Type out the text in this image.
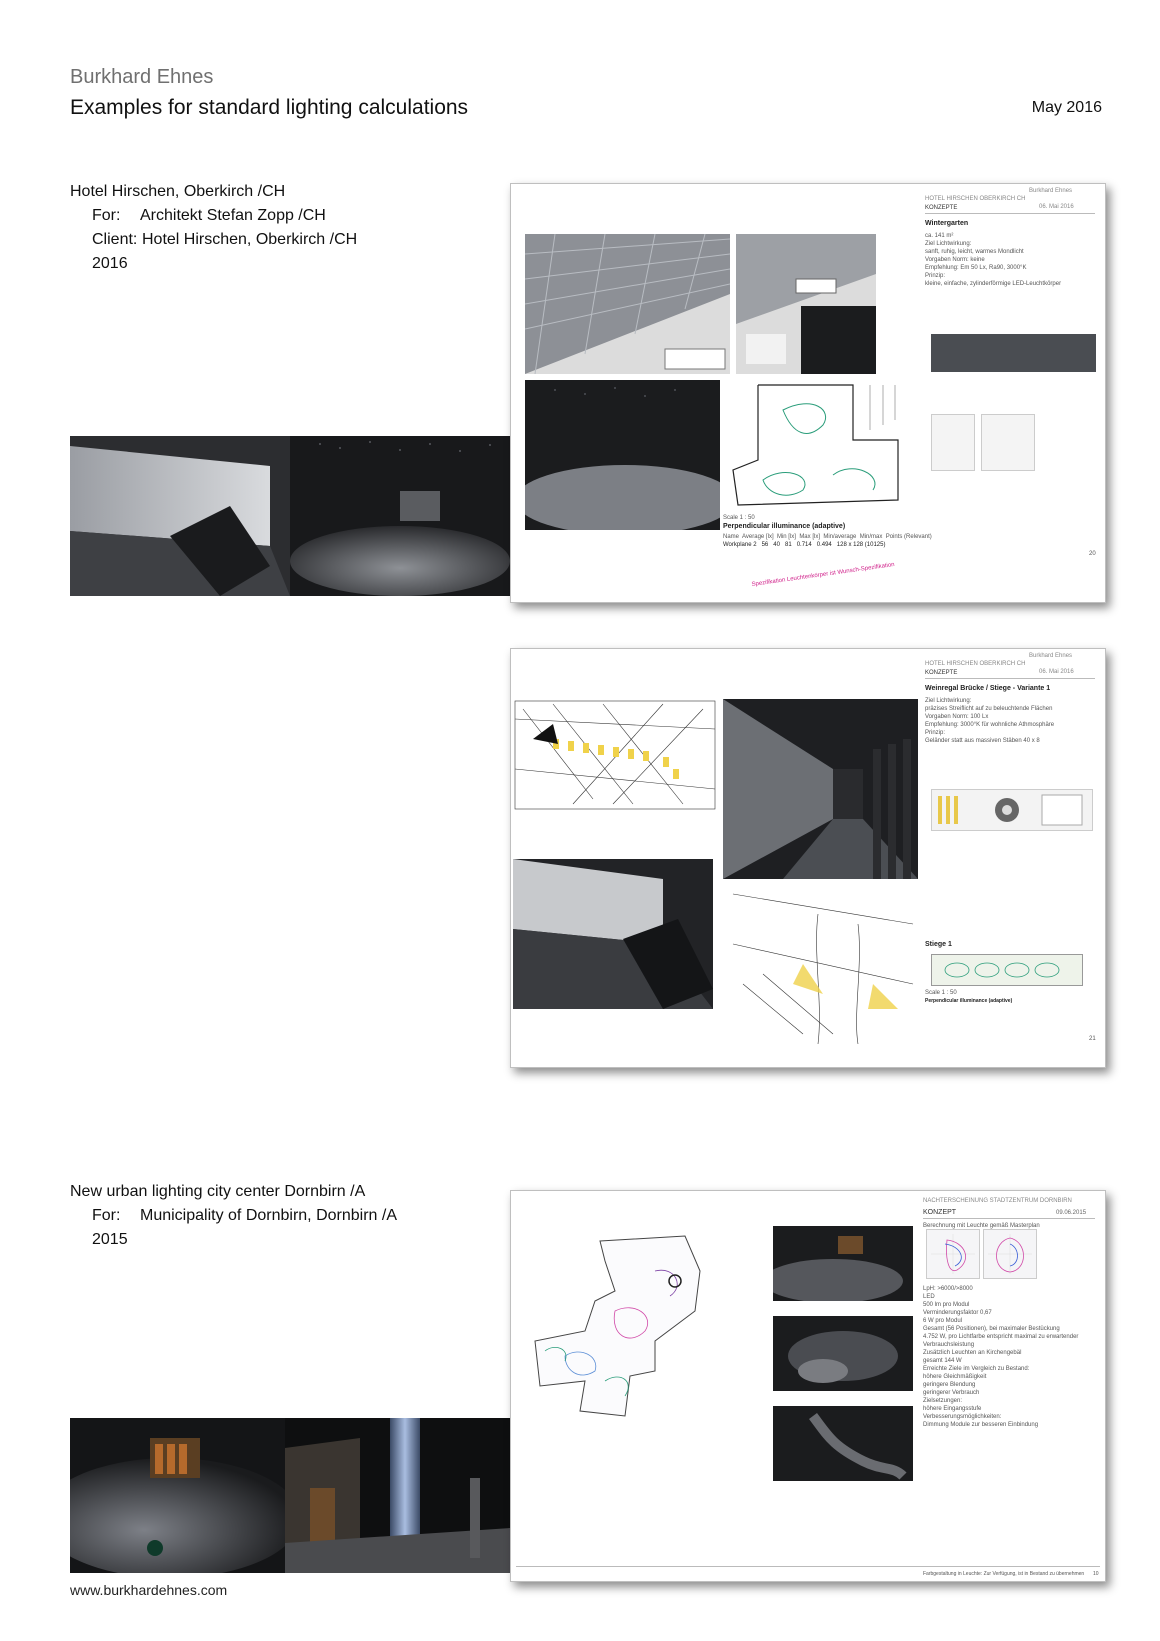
Burkhard Ehnes
Examples for standard lighting calculations	May 2016
Hotel Hirschen, Oberkirch /CH
For: Architekt Stefan Zopp /CH
Client: Hotel Hirschen, Oberkirch /CH
2016
HOTEL HIRSCHEN OBERKIRCH CH
Burkhard Ehnes
KONZEPTE	06. Mai 2016
Scale 1 : 50
Perpendicular illuminance (adaptive)
Name Average [lx] Min [lx] Max [lx] Min/average Min/max Points (Relevant)
Workplane 2 56 40 81 0.714 0.494 128 x 128 (10125)
Spezifikation Leuchtenkörper ist Wunsch-Spezifikation
Wintergarten
ca. 141 m²
Ziel Lichtwirkung:
sanft, ruhig, leicht, warmes Mondlicht
Vorgaben Norm: keine
Empfehlung: Em 50 Lx, Ra90, 3000°K
Prinzip:
kleine, einfache, zylinderförmige LED-Leuchtkörper
20
HOTEL HIRSCHEN OBERKIRCH CH
Burkhard Ehnes
KONZEPTE	06. Mai 2016
Weinregal Brücke / Stiege - Variante 1
Ziel Lichtwirkung:
präzises Streiflicht auf zu beleuchtende Flächen
Vorgaben Norm: 100 Lx
Empfehlung: 3000°K für wohnliche Athmosphäre
Prinzip:
Geländer statt aus massiven Stäben 40 x 8
Stiege 1
Scale 1 : 50
Perpendicular illuminance (adaptive)
21
New urban lighting city center Dornbirn /A
For: Municipality of Dornbirn, Dornbirn /A
2015
NACHTERSCHEINUNG STADTZENTRUM DORNBIRN
KONZEPT	09.06.2015
Berechnung mit Leuchte gemäß Masterplan
LpH: >6000/>8000
LED
500 lm pro Modul
Verminderungsfaktor 0,67
6 W pro Modul
Gesamt (56 Positionen), bei maximaler Bestückung
4.752 W, pro Lichtfarbe entspricht maximal zu erwartender Verbrauchsleistung
Zusätzlich Leuchten an Kirchengebäl
gesamt 144 W
Erreichte Ziele im Vergleich zu Bestand:
höhere Gleichmäßigkeit
geringere Blendung
geringerer Verbrauch
Zielsetzungen:
höhere Eingangsstufe
Verbesserungsmöglichkeiten:
Dimmung Module zur besseren Einbindung
Farbgestaltung in Leuchte: Zur Verfügung, ist in Bestand zu übernehmen 10
www.burkhardehnes.com
